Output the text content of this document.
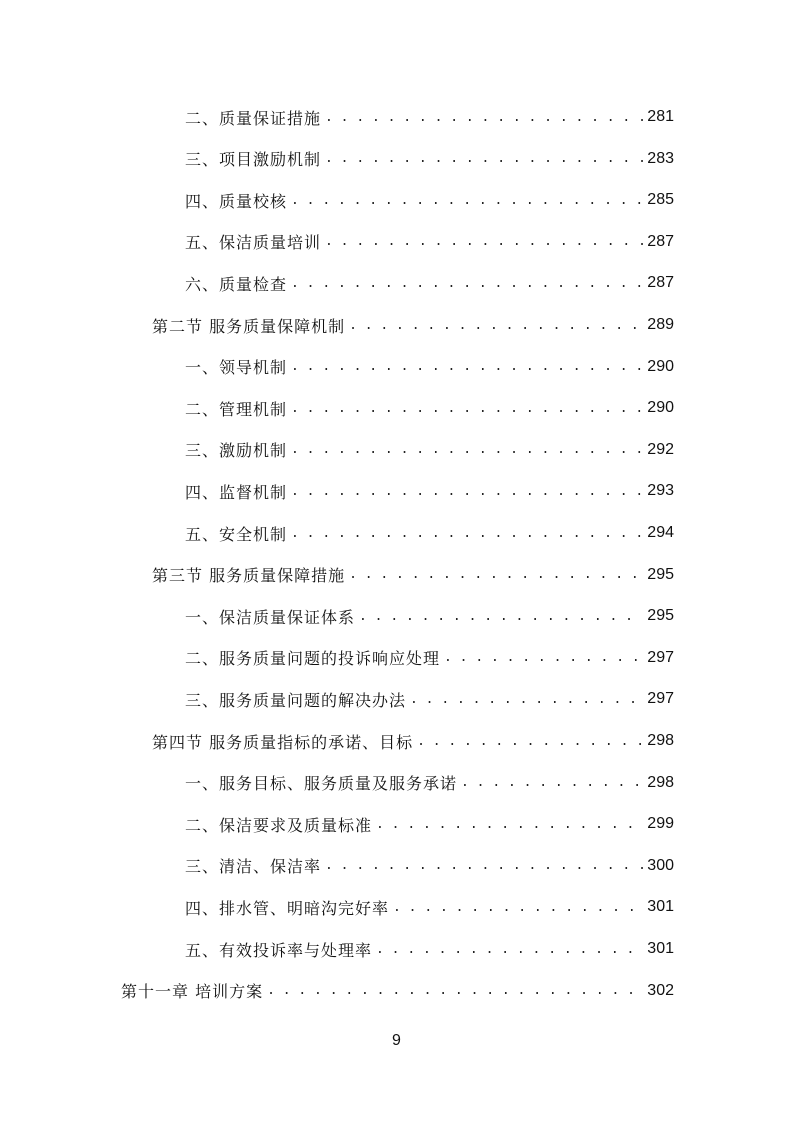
二、质量保证措施 . . .	281
三、项目激励机制 . . .	283
四、质量校核 . . .	285
五、保洁质量培训 . . .	287
六、质量检查 . . .	287
第二节 服务质量保障机制 . . .	289
一、领导机制 . . .	290
二、管理机制 . . .	290
三、激励机制 . . .	292
四、监督机制 . . .	293
五、安全机制 . . .	294
第三节 服务质量保障措施 . . .	295
一、保洁质量保证体系 . . .	295
二、服务质量问题的投诉响应处理 . . .	297
三、服务质量问题的解决办法 . . .	297
第四节 服务质量指标的承诺、目标 . . .	298
一、服务目标、服务质量及服务承诺 . . .	298
二、保洁要求及质量标准 . . .	299
三、清洁、保洁率 . . .	300
四、排水管、明暗沟完好率 . . .	301
五、有效投诉率与处理率 . . .	301
第十一章 培训方案 . . .	302
9
